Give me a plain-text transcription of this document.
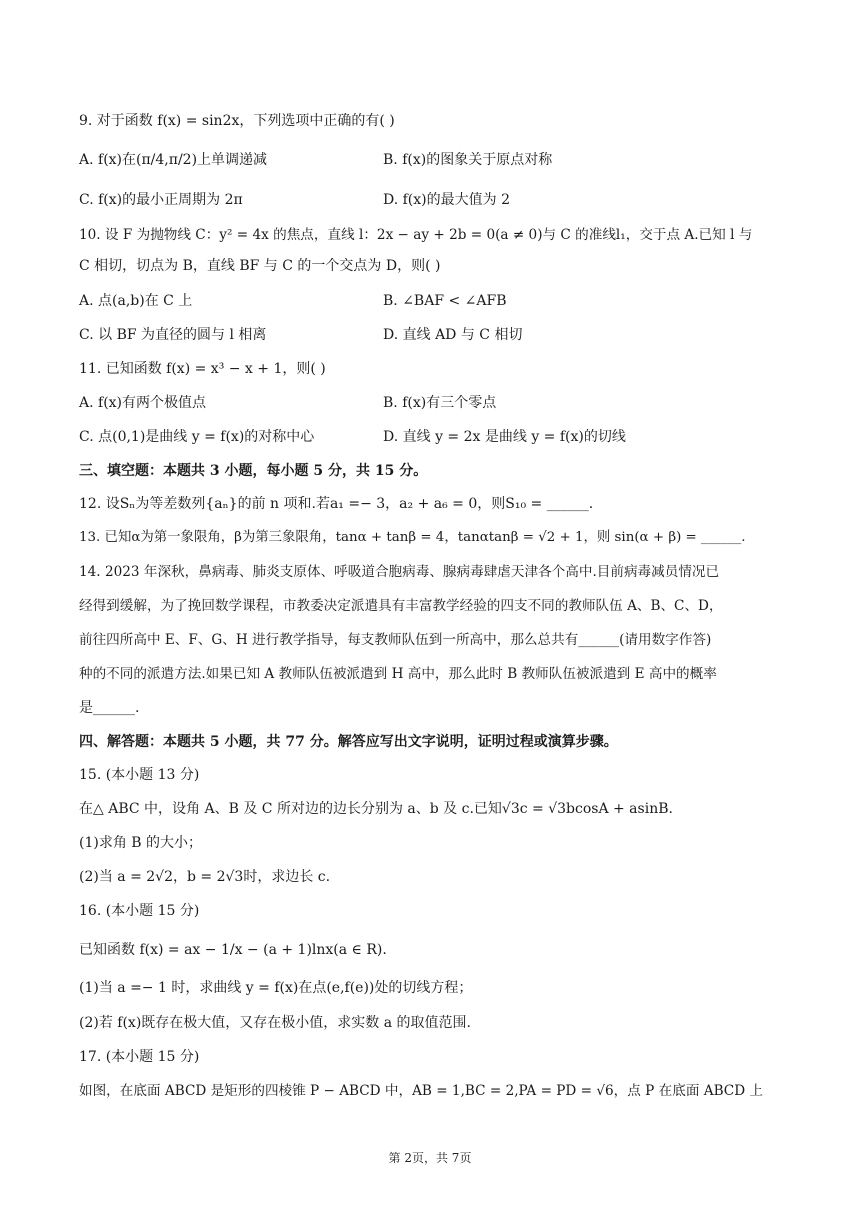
9. 对于函数 f(x) = sin2x，下列选项中正确的有( )
A. f(x)在(π/4,π/2)上单调递减	B. f(x)的图象关于原点对称
C. f(x)的最小正周期为 2π	D. f(x)的最大值为 2
10. 设 F 为抛物线 C：y² = 4x 的焦点，直线 l：2x − ay + 2b = 0(a ≠ 0)与 C 的准线l₁，交于点 A.已知 l 与
C 相切，切点为 B，直线 BF 与 C 的一个交点为 D，则( )
A. 点(a,b)在 C 上	B. ∠BAF < ∠AFB
C. 以 BF 为直径的圆与 l 相离	D. 直线 AD 与 C 相切
11. 已知函数 f(x) = x³ − x + 1，则( )
A. f(x)有两个极值点	B. f(x)有三个零点
C. 点(0,1)是曲线 y = f(x)的对称中心	D. 直线 y = 2x 是曲线 y = f(x)的切线
三、填空题：本题共 3 小题，每小题 5 分，共 15 分。
12. 设Sₙ为等差数列{aₙ}的前 n 项和.若a₁ =− 3，a₂ + a₆ = 0，则S₁₀ = ______.
13. 已知α为第一象限角，β为第三象限角，tanα + tanβ = 4，tanαtanβ = √2 + 1，则 sin(α + β) = ______.
14. 2023 年深秋，鼻病毒、肺炎支原体、呼吸道合胞病毒、腺病毒肆虐天津各个高中.目前病毒减员情况已
经得到缓解，为了挽回数学课程，市教委决定派遣具有丰富教学经验的四支不同的教师队伍 A、B、C、D，
前往四所高中 E、F、G、H 进行教学指导，每支教师队伍到一所高中，那么总共有______(请用数字作答)
种的不同的派遣方法.如果已知 A 教师队伍被派遣到 H 高中，那么此时 B 教师队伍被派遣到 E 高中的概率
是______.
四、解答题：本题共 5 小题，共 77 分。解答应写出文字说明，证明过程或演算步骤。
15. (本小题 13 分)
在△ ABC 中，设角 A、B 及 C 所对边的边长分别为 a、b 及 c.已知√3c = √3bcosA + asinB.
(1)求角 B 的大小；
(2)当 a = 2√2，b = 2√3时，求边长 c.
16. (本小题 15 分)
已知函数 f(x) = ax − 1/x − (a + 1)lnx(a ∈ R).
(1)当 a =− 1 时，求曲线 y = f(x)在点(e,f(e))处的切线方程；
(2)若 f(x)既存在极大值，又存在极小值，求实数 a 的取值范围.
17. (本小题 15 分)
如图，在底面 ABCD 是矩形的四棱锥 P − ABCD 中，AB = 1,BC = 2,PA = PD = √6，点 P 在底面 ABCD 上
第 2页，共 7页
